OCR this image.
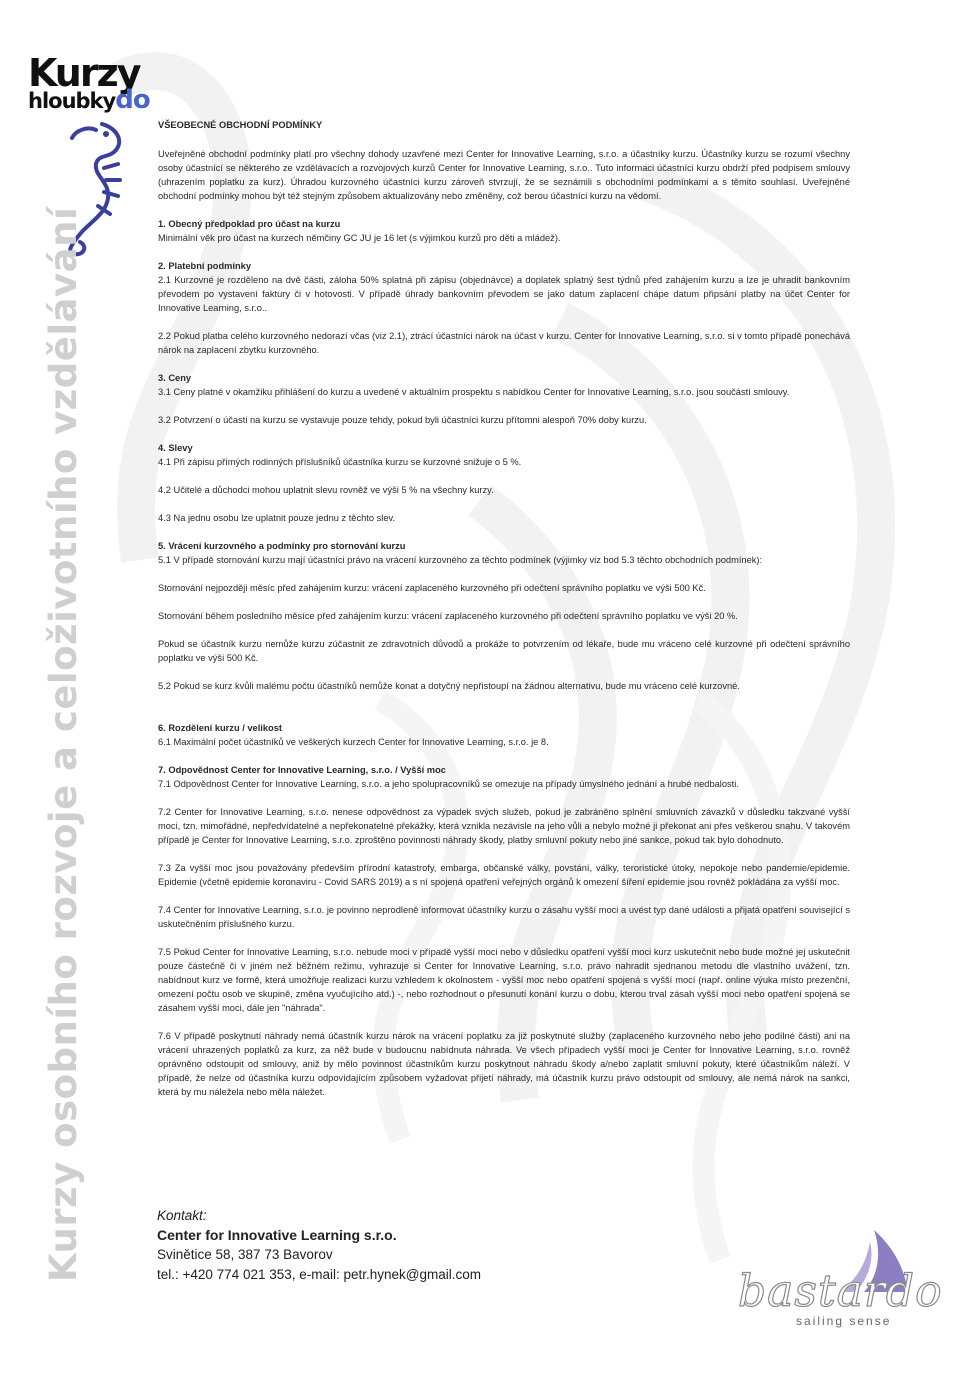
Kurzy
hloubkydo
Kurzy osobního rozvoje a celoživotního vzdělávání
VŠEOBECNÉ OBCHODNÍ PODMÍNKY

Uveřejněné obchodní podmínky platí pro všechny dohody uzavřené mezi Center for Innovative Learning, s.r.o. a účastníky kurzu. Účastníky kurzu se rozumí všechny osoby účastnící se některého ze vzdělávacích a rozvojových kurzů Center for Innovative Learning, s.r.o.. Tuto informaci účastníci kurzu obdrží před podpisem smlouvy (uhrazením poplatku za kurz). Úhradou kurzovného účastníci kurzu zároveň stvrzují, že se seznámili s obchodními podmínkami a s těmito souhlasí. Uveřejněné obchodní podmínky mohou být též stejným způsobem aktualizovány nebo změněny, což berou účastníci kurzu na vědomí.

1. Obecný předpoklad pro účast na kurzu
Minimální věk pro účast na kurzech němčiny GC JU je 16 let (s výjimkou kurzů pro děti a mládež).

2. Platební podmínky
2.1 Kurzovné je rozděleno na dvě části, záloha 50% splatná při zápisu (objednávce) a doplatek splatný šest týdnů před zahájením kurzu a lze je uhradit bankovním převodem po vystavení faktury či v hotovosti. V případě úhrady bankovním převodem se jako datum zaplacení chápe datum připsání platby na účet Center for Innovative Learning, s.r.o..

2.2 Pokud platba celého kurzovného nedorazí včas (viz 2.1), ztrácí účastníci nárok na účast v kurzu. Center for Innovative Learning, s.r.o. si v tomto případě ponechává nárok na zaplacení zbytku kurzovného.

3. Ceny
3.1 Ceny platné v okamžiku přihlášení do kurzu a uvedené v aktuálním prospektu s nabídkou Center for Innovative Learning, s.r.o. jsou součástí smlouvy.

3.2 Potvrzení o účasti na kurzu se vystavuje pouze tehdy, pokud byli účastníci kurzu přítomni alespoň 70% doby kurzu.

4. Slevy
4.1 Při zápisu přímých rodinných příslušníků účastníka kurzu se kurzovné snižuje o 5 %.

4.2 Učitelé a důchodci mohou uplatnit slevu rovněž ve výši 5 % na všechny kurzy.

4.3 Na jednu osobu lze uplatnit pouze jednu z těchto slev.

5. Vrácení kurzovného a podmínky pro stornování kurzu
5.1 V případě stornování kurzu mají účastníci právo na vrácení kurzovného za těchto podmínek (výjimky viz bod 5.3 těchto obchodních podmínek):

Stornování nejpozději měsíc před zahájením kurzu: vrácení zaplaceného kurzovného při odečtení správního poplatku ve výši 500 Kč.

Stornování během posledního měsíce před zahájením kurzu: vrácení zaplaceného kurzovného při odečtení správního poplatku ve výši 20 %.

Pokud se účastník kurzu nemůže kurzu zúčastnit ze zdravotních důvodů a prokáže to potvrzením od lékaře, bude mu vráceno celé kurzovné při odečtení správního poplatku ve výši 500 Kč.

5.2 Pokud se kurz kvůli malému počtu účastníků nemůže konat a dotyčný nepřistoupí na žádnou alternativu, bude mu vráceno celé kurzovné.

6. Rozdělení kurzu / velikost
6.1 Maximální počet účastníků ve veškerých kurzech Center for Innovative Learning, s.r.o. je 8.

7. Odpovědnost Center for Innovative Learning, s.r.o. / Vyšší moc
7.1 Odpovědnost Center for Innovative Learning, s.r.o. a jeho spolupracovníků se omezuje na případy úmyslného jednání a hrubé nedbalosti.

7.2 Center for Innovative Learning, s.r.o. nenese odpovědnost za výpadek svých služeb, pokud je zabráněno splnění smluvních závazků v důsledku takzvané vyšší moci, tzn. mimořádné, nepředvídatelné a nepřekonatelné překážky, která vznikla nezávisle na jeho vůli a nebylo možné ji překonat ani přes veškerou snahu. V takovém případě je Center for Innovative Learning, s.r.o. zproštěno povinnosti náhrady škody, platby smluvní pokuty nebo jiné sankce, pokud tak bylo dohodnuto.

7.3 Za vyšší moc jsou považovány především přírodní katastrofy, embarga, občanské války, povstání, války, teroristické útoky, nepokoje nebo pandemie/epidemie. Epidemie (včetně epidemie koronaviru - Covid SARS 2019) a s ní spojená opatření veřejných orgánů k omezení šíření epidemie jsou rovněž pokládána za vyšší moc.

7.4 Center for Innovative Learning, s.r.o. je povinno neprodleně informovat účastníky kurzu o zásahu vyšší moci a uvést typ dané události a přijatá opatření související s uskutečněním příslušného kurzu.

7.5 Pokud Center for Innovative Learning, s.r.o. nebude moci v případě vyšší moci nebo v důsledku opatření vyšší moci kurz uskutečnit nebo bude možné jej uskutečnit pouze částečně či v jiném než běžném režimu, vyhrazuje si Center for Innovative Learning, s.r.o. právo nahradit sjednanou metodu dle vlastního uvážení, tzn. nabídnout kurz ve formě, která umožňuje realizaci kurzu vzhledem k okolnostem - vyšší moc nebo opatření spojená s vyšší mocí (např. online výuka místo prezenční, omezení počtu osob ve skupině, změna vyučujícího atd.) -, nebo rozhodnout o přesunutí konání kurzu o dobu, kterou trval zásah vyšší moci nebo opatření spojená se zásahem vyšší moci, dále jen "náhrada".

7.6 V případě poskytnutí náhrady nemá účastník kurzu nárok na vrácení poplatku za již poskytnuté služby (zaplaceného kurzovného nebo jeho podílné části) ani na vrácení uhrazených poplatků za kurz, za něž bude v budoucnu nabídnuta náhrada. Ve všech případech vyšší moci je Center for Innovative Learning, s.r.o. rovněž oprávněno odstoupit od smlouvy, aniž by mělo povinnost účastníkům kurzu poskytnout náhradu škody a/nebo zaplatit smluvní pokuty, které účastníkům náleží. V případě, že nelze od účastníka kurzu odpovídajícím způsobem vyžadovat přijetí náhrady, má účastník kurzu právo odstoupit od smlouvy, ale nemá nárok na sankci, která by mu náležela nebo měla náležet.

Kontakt:
Center for Innovative Learning s.r.o.
Svinětice 58, 387 73 Bavorov
tel.: +420 774 021 353, e-mail: petr.hynek@gmail.com	bastardo
sailing sense
